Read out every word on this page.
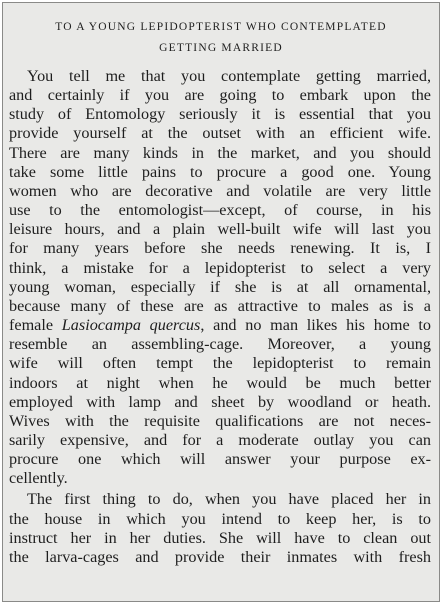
TO A YOUNG LEPIDOPTERIST WHO CONTEMPLATED
GETTING MARRIED
You tell me that you contemplate getting married,
and certainly if you are going to embark upon the
study of Entomology seriously it is essential that you
provide yourself at the outset with an efficient wife.
There are many kinds in the market, and you should
take some little pains to procure a good one. Young
women who are decorative and volatile are very little
use to the entomologist—except, of course, in his
leisure hours, and a plain well-built wife will last you
for many years before she needs renewing. It is, I
think, a mistake for a lepidopterist to select a very
young woman, especially if she is at all ornamental,
because many of these are as attractive to males as is a
female Lasiocampa quercus, and no man likes his home to
resemble an assembling-cage. Moreover, a young
wife will often tempt the lepidopterist to remain
indoors at night when he would be much better
employed with lamp and sheet by woodland or heath.
Wives with the requisite qualifications are not neces-
sarily expensive, and for a moderate outlay you can
procure one which will answer your purpose ex-
cellently.
The first thing to do, when you have placed her in
the house in which you intend to keep her, is to
instruct her in her duties. She will have to clean out
the larva-cages and provide their inmates with fresh
